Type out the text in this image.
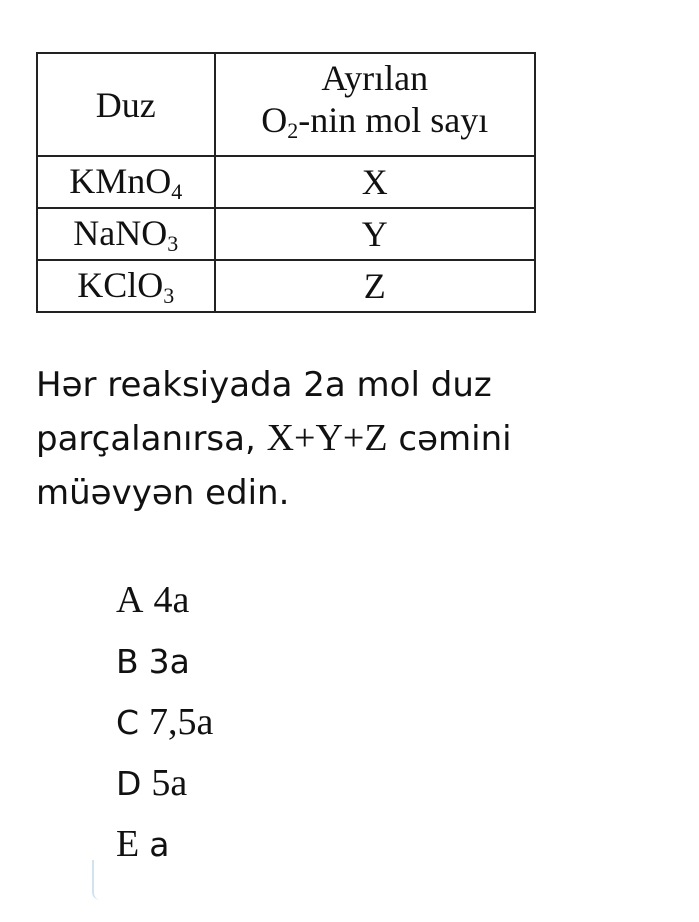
Duz	Ayrılan
$O_2$-nin mol sayı

KMnO$_4$	X
NaNO$_3$	Y
KClO$_3$	Z

Hər reaksiyada 2a mol duz
parçalanırsa, X+Y+Z cəmini
müəvyən edin.

A 4a
B 3a
C 7,5a
D 5a
E a
